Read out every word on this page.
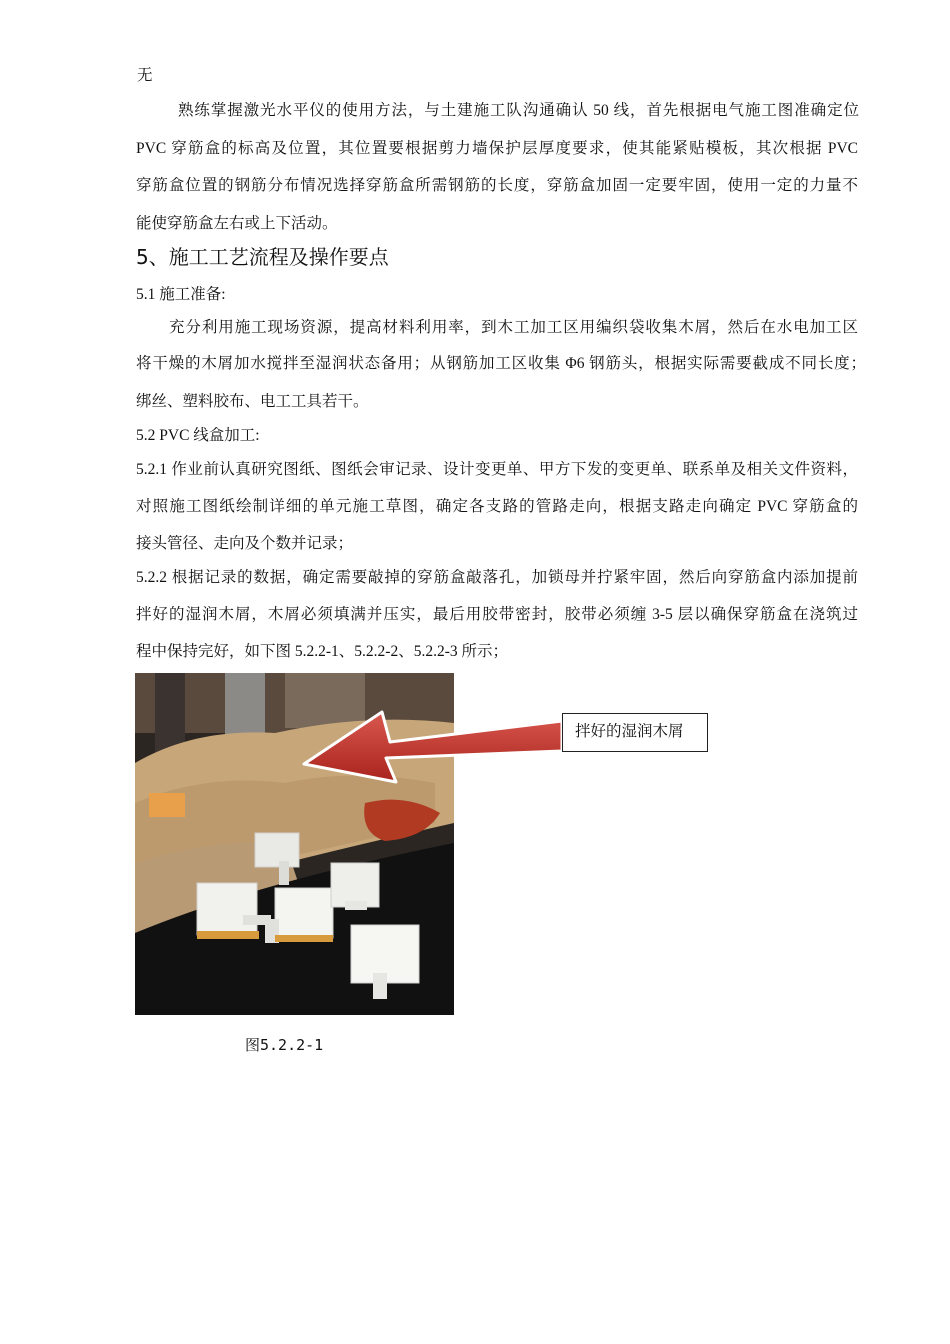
无
熟练掌握激光水平仪的使用方法，与土建施工队沟通确认 50 线，首先根据电气施工图准确定位
PVC 穿筋盒的标高及位置，其位置要根据剪力墙保护层厚度要求，使其能紧贴模板，其次根据 PVC
穿筋盒位置的钢筋分布情况选择穿筋盒所需钢筋的长度，穿筋盒加固一定要牢固，使用一定的力量不
能使穿筋盒左右或上下活动。
5、施工工艺流程及操作要点
5.1 施工准备:
充分利用施工现场资源，提高材料利用率，到木工加工区用编织袋收集木屑，然后在水电加工区
将干燥的木屑加水搅拌至湿润状态备用；从钢筋加工区收集 Φ6 钢筋头，根据实际需要截成不同长度；
绑丝、塑料胶布、电工工具若干。
5.2 PVC 线盒加工:
5.2.1 作业前认真研究图纸、图纸会审记录、设计变更单、甲方下发的变更单、联系单及相关文件资料，
对照施工图纸绘制详细的单元施工草图，确定各支路的管路走向，根据支路走向确定 PVC 穿筋盒的
接头管径、走向及个数并记录；
5.2.2 根据记录的数据，确定需要敲掉的穿筋盒敲落孔，加锁母并拧紧牢固，然后向穿筋盒内添加提前
拌好的湿润木屑，木屑必须填满并压实，最后用胶带密封，胶带必须缠 3-5 层以确保穿筋盒在浇筑过
程中保持完好，如下图 5.2.2-1、5.2.2-2、5.2.2-3 所示；
拌好的湿润木屑
图5.2.2-1
